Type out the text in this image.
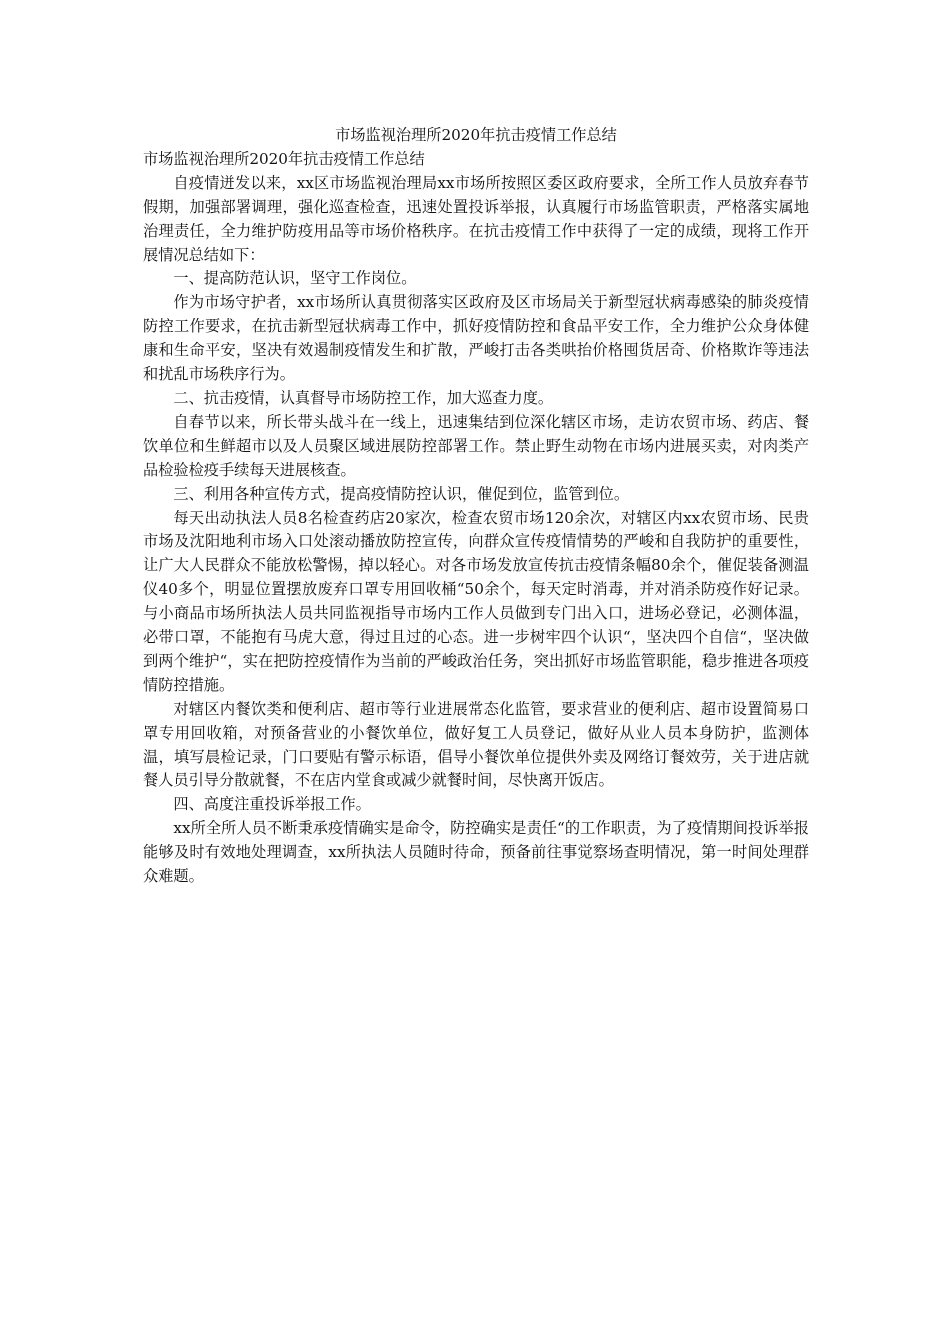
市场监视治理所2020年抗击疫情工作总结

市场监视治理所2020年抗击疫情工作总结

自疫情迸发以来，xx区市场监视治理局xx市场所按照区委区政府要求，全所工作人员放弃春节假期，加强部署调理，强化巡查检查，迅速处置投诉举报，认真履行市场监管职责，严格落实属地治理责任，全力维护防疫用品等市场价格秩序。在抗击疫情工作中获得了一定的成绩，现将工作开展情况总结如下：

一、提高防范认识，坚守工作岗位。

作为市场守护者，xx市场所认真贯彻落实区政府及区市场局关于新型冠状病毒感染的肺炎疫情防控工作要求，在抗击新型冠状病毒工作中，抓好疫情防控和食品平安工作，全力维护公众身体健康和生命平安，坚决有效遏制疫情发生和扩散，严峻打击各类哄抬价格囤货居奇、价格欺诈等违法和扰乱市场秩序行为。

二、抗击疫情，认真督导市场防控工作，加大巡查力度。

自春节以来，所长带头战斗在一线上，迅速集结到位深化辖区市场，走访农贸市场、药店、餐饮单位和生鲜超市以及人员聚区域进展防控部署工作。禁止野生动物在市场内进展买卖，对肉类产品检验检疫手续每天进展核查。

三、利用各种宣传方式，提高疫情防控认识，催促到位，监管到位。

每天出动执法人员8名检查药店20家次，检查农贸市场120余次，对辖区内xx农贸市场、民贵市场及沈阳地利市场入口处滚动播放防控宣传，向群众宣传疫情情势的严峻和自我防护的重要性，让广大人民群众不能放松警惕，掉以轻心。对各市场发放宣传抗击疫情条幅80余个，催促装备测温仪40多个，明显位置摆放废弃口罩专用回收桶“50余个，每天定时消毒，并对消杀防疫作好记录。与小商品市场所执法人员共同监视指导市场内工作人员做到专门出入口，进场必登记，必测体温，必带口罩，不能抱有马虎大意，得过且过的心态。进一步树牢四个认识“，坚决四个自信“，坚决做到两个维护“，实在把防控疫情作为当前的严峻政治任务，突出抓好市场监管职能，稳步推进各项疫情防控措施。

对辖区内餐饮类和便利店、超市等行业进展常态化监管，要求营业的便利店、超市设置简易口罩专用回收箱，对预备营业的小餐饮单位，做好复工人员登记，做好从业人员本身防护，监测体温，填写晨检记录，门口要贴有警示标语，倡导小餐饮单位提供外卖及网络订餐效劳，关于进店就餐人员引导分散就餐，不在店内堂食或减少就餐时间，尽快离开饭店。

四、高度注重投诉举报工作。

xx所全所人员不断秉承疫情确实是命令，防控确实是责任“的工作职责，为了疫情期间投诉举报能够及时有效地处理调查，xx所执法人员随时待命，预备前往事觉察场查明情况，第一时间处理群众难题。
